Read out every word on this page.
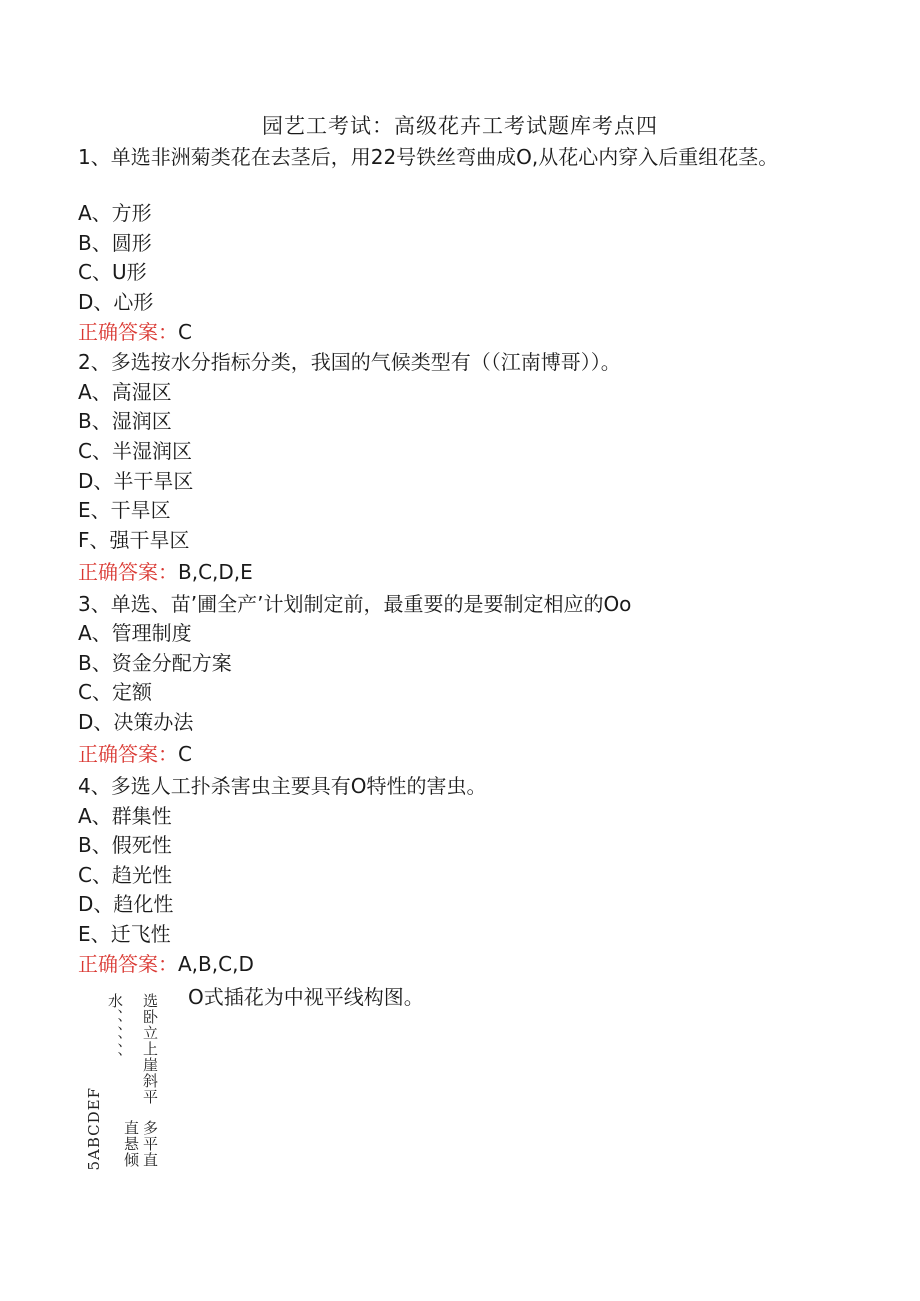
园艺工考试：高级花卉工考试题库考点四
1、单选非洲菊类花在去茎后，用22号铁丝弯曲成O,从花心内穿入后重组花茎。
A、方形
B、圆形
C、U形
D、心形
正确答案：C
2、多选按水分指标分类，我国的气候类型有（（江南博哥））。
A、高湿区
B、湿润区
C、半湿润区
D、半干旱区
E、干旱区
F、强干旱区
正确答案：B,C,D,E
3、单选、苗’圃全产’计划制定前，最重要的是要制定相应的Oo
A、管理制度
B、资金分配方案
C、定额
D、决策办法
正确答案：C
4、多选人工扑杀害虫主要具有O特性的害虫。
A、群集性
B、假死性
C、趋光性
D、趋化性
E、迁飞性
正确答案：A,B,C,D
O式插花为中视平线构图。
选卧立上崖斜平
水、、、、、、
多平直
直悬倾
5ABCDEF
